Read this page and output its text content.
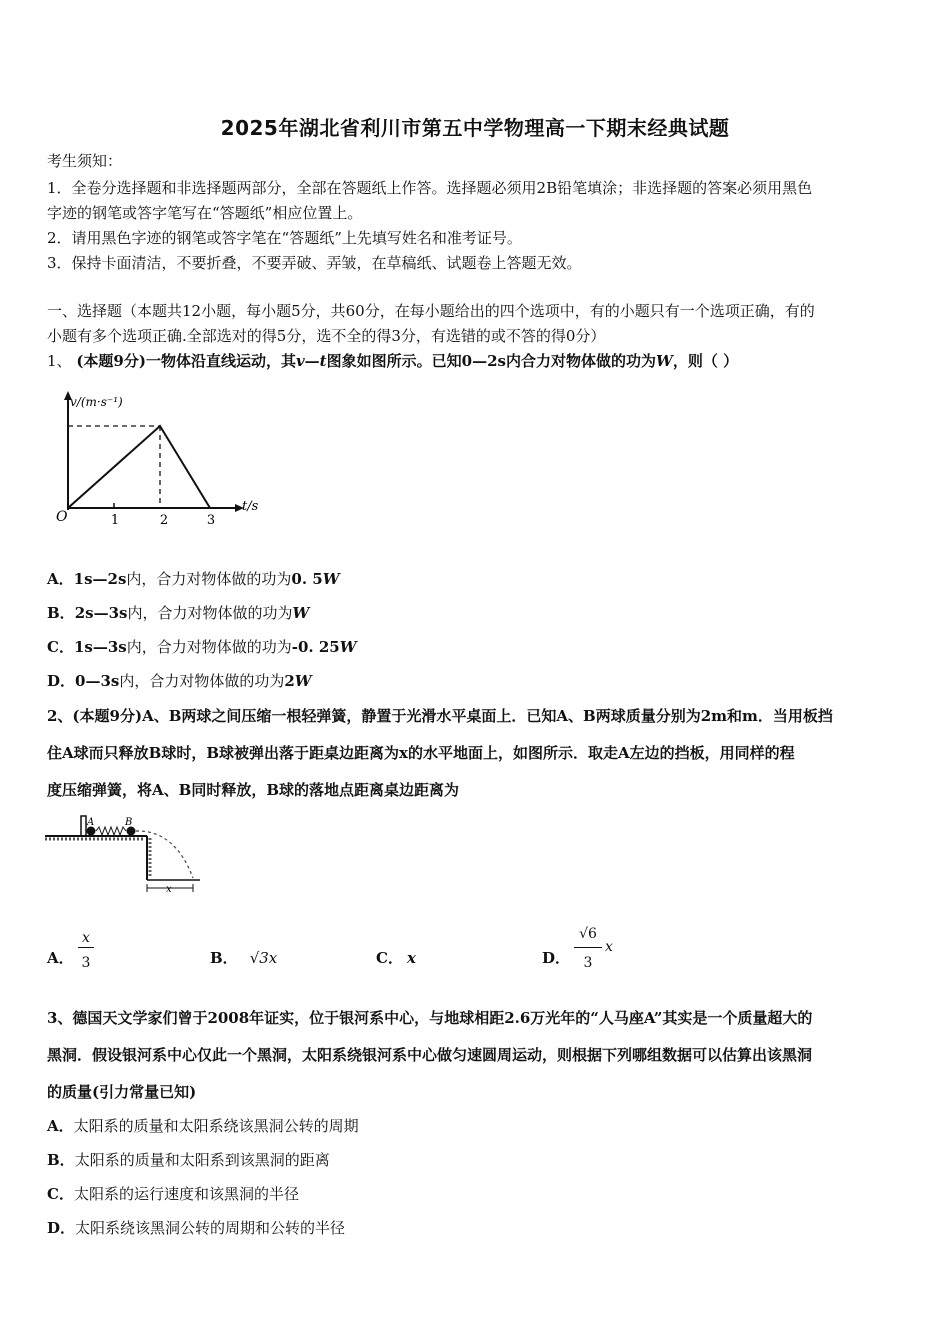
2025年湖北省利川市第五中学物理高一下期末经典试题
考生须知：
1．全卷分选择题和非选择题两部分，全部在答题纸上作答。选择题必须用2B铅笔填涂；非选择题的答案必须用黑色
字迹的钢笔或答字笔写在“答题纸”相应位置上。
2．请用黑色字迹的钢笔或答字笔在“答题纸”上先填写姓名和准考证号。
3．保持卡面清洁，不要折叠，不要弄破、弄皱，在草稿纸、试题卷上答题无效。
一、选择题（本题共12小题，每小题5分，共60分，在每小题给出的四个选项中，有的小题只有一个选项正确，有的
小题有多个选项正确.全部选对的得5分，选不全的得3分，有选错的或不答的得0分）
1、 (本题9分)一物体沿直线运动，其v—t图象如图所示。已知0—2s内合力对物体做的功为W，则（ ）
v/(m·s⁻¹)
t/s
O	1	2	3
A．1s—2s内，合力对物体做的功为0. 5W
B．2s—3s内，合力对物体做的功为W
C．1s—3s内，合力对物体做的功为-0. 25W
D．0—3s内，合力对物体做的功为2W
2、(本题9分)A、B两球之间压缩一根轻弹簧，静置于光滑水平桌面上．已知A、B两球质量分别为2m和m．当用板挡
住A球而只释放B球时，B球被弹出落于距桌边距离为x的水平地面上，如图所示．取走A左边的挡板，用同样的程
度压缩弹簧，将A、B同时释放，B球的落地点距离桌边距离为
A	B
x
A．
x
3	B． √3x	C． x	D．
√6
3
x
3、德国天文学家们曾于2008年证实，位于银河系中心，与地球相距2.6万光年的“人马座A”其实是一个质量超大的
黑洞．假设银河系中心仅此一个黑洞，太阳系绕银河系中心做匀速圆周运动，则根据下列哪组数据可以估算出该黑洞
的质量(引力常量已知)
A．太阳系的质量和太阳系绕该黑洞公转的周期
B．太阳系的质量和太阳系到该黑洞的距离
C．太阳系的运行速度和该黑洞的半径
D．太阳系绕该黑洞公转的周期和公转的半径
